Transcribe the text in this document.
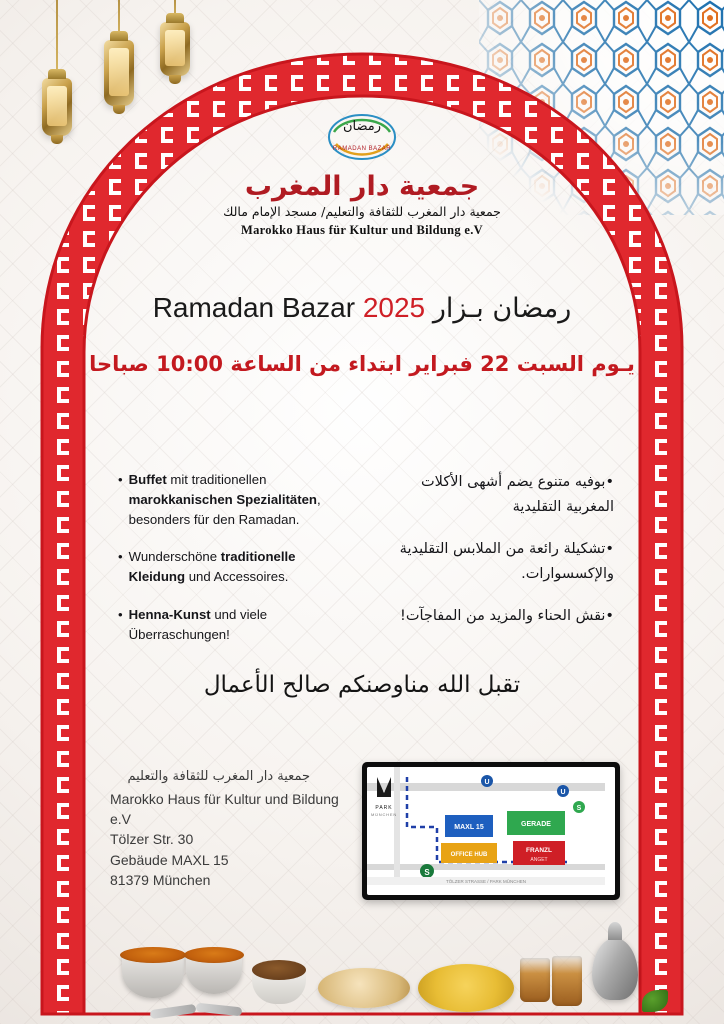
رمضان
RAMADAN BAZAR
جمعية دار المغرب
جمعية دار المغرب للثقافة والتعليم/ مسجد الإمام مالك
Marokko Haus für Kultur und Bildung e.V
Ramadan Bazar 2025 رمضان بـزار
يـوم السبت 22 فبراير ابتداء من الساعة 10:00 صباحا
• Buffet mit traditionellen marokkanischen Spezialitäten, besonders für den Ramadan.
• Wunderschöne traditionelle Kleidung und Accessoires.
• Henna-Kunst und viele Überraschungen!
•بوفيه متنوع يضم أشهى الأكلات المغربية التقليدية
•تشكيلة رائعة من الملابس التقليدية والإكسسوارات.
•نقش الحناء والمزيد من المفاجآت!
تقبل الله مناوصنكم صالح الأعمال
جمعية دار المغرب للثقافة والتعليم
Marokko Haus für Kultur und Bildung e.V
Tölzer Str. 30
Gebäude MAXL 15
81379 München
PARK
MÜNCHEN
MAXL 15	GERADE
OFFICE HUB
FRANZL
ANGET
U
U
S
S
TÖLZER STRASSE / PARK MÜNCHEN
